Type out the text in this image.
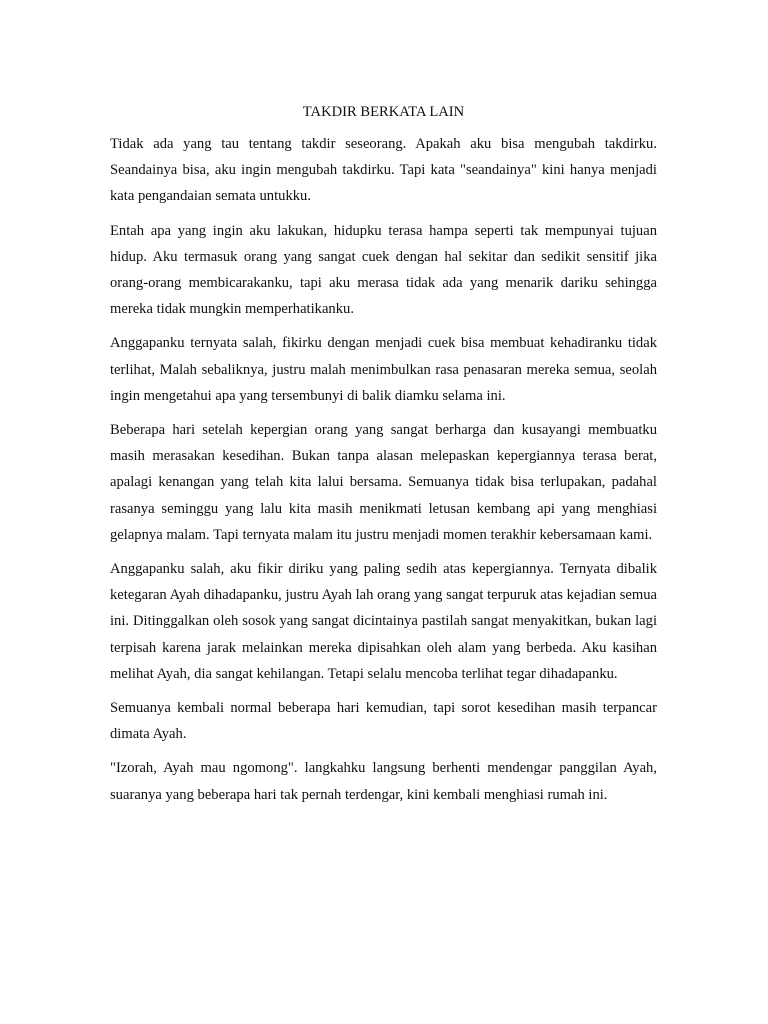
TAKDIR BERKATA LAIN

Tidak ada yang tau tentang takdir seseorang. Apakah aku bisa mengubah takdirku. Seandainya bisa, aku ingin mengubah takdirku. Tapi kata "seandainya" kini hanya menjadi kata pengandaian semata untukku.

Entah apa yang ingin aku lakukan, hidupku terasa hampa seperti tak mempunyai tujuan hidup. Aku termasuk orang yang sangat cuek dengan hal sekitar dan sedikit sensitif jika orang-orang membicarakanku, tapi aku merasa tidak ada yang menarik dariku sehingga mereka tidak mungkin memperhatikanku.

Anggapanku ternyata salah, fikirku dengan menjadi cuek bisa membuat kehadiranku tidak terlihat, Malah sebaliknya, justru malah menimbulkan rasa penasaran mereka semua, seolah ingin mengetahui apa yang tersembunyi di balik diamku selama ini.

Beberapa hari setelah kepergian orang yang sangat berharga dan kusayangi membuatku masih merasakan kesedihan. Bukan tanpa alasan melepaskan kepergiannya terasa berat, apalagi kenangan yang telah kita lalui bersama. Semuanya tidak bisa terlupakan, padahal rasanya seminggu yang lalu kita masih menikmati letusan kembang api yang menghiasi gelapnya malam. Tapi ternyata malam itu justru menjadi momen terakhir kebersamaan kami.

Anggapanku salah, aku fikir diriku yang paling sedih atas kepergiannya. Ternyata dibalik ketegaran Ayah dihadapanku, justru Ayah lah orang yang sangat terpuruk atas kejadian semua ini. Ditinggalkan oleh sosok yang sangat dicintainya pastilah sangat menyakitkan, bukan lagi terpisah karena jarak melainkan mereka dipisahkan oleh alam yang berbeda. Aku kasihan melihat Ayah, dia sangat kehilangan. Tetapi selalu mencoba terlihat tegar dihadapanku.

Semuanya kembali normal beberapa hari kemudian, tapi sorot kesedihan masih terpancar dimata Ayah.

"Izorah, Ayah mau ngomong". langkahku langsung berhenti mendengar panggilan Ayah, suaranya yang beberapa hari tak pernah terdengar, kini kembali menghiasi rumah ini.
